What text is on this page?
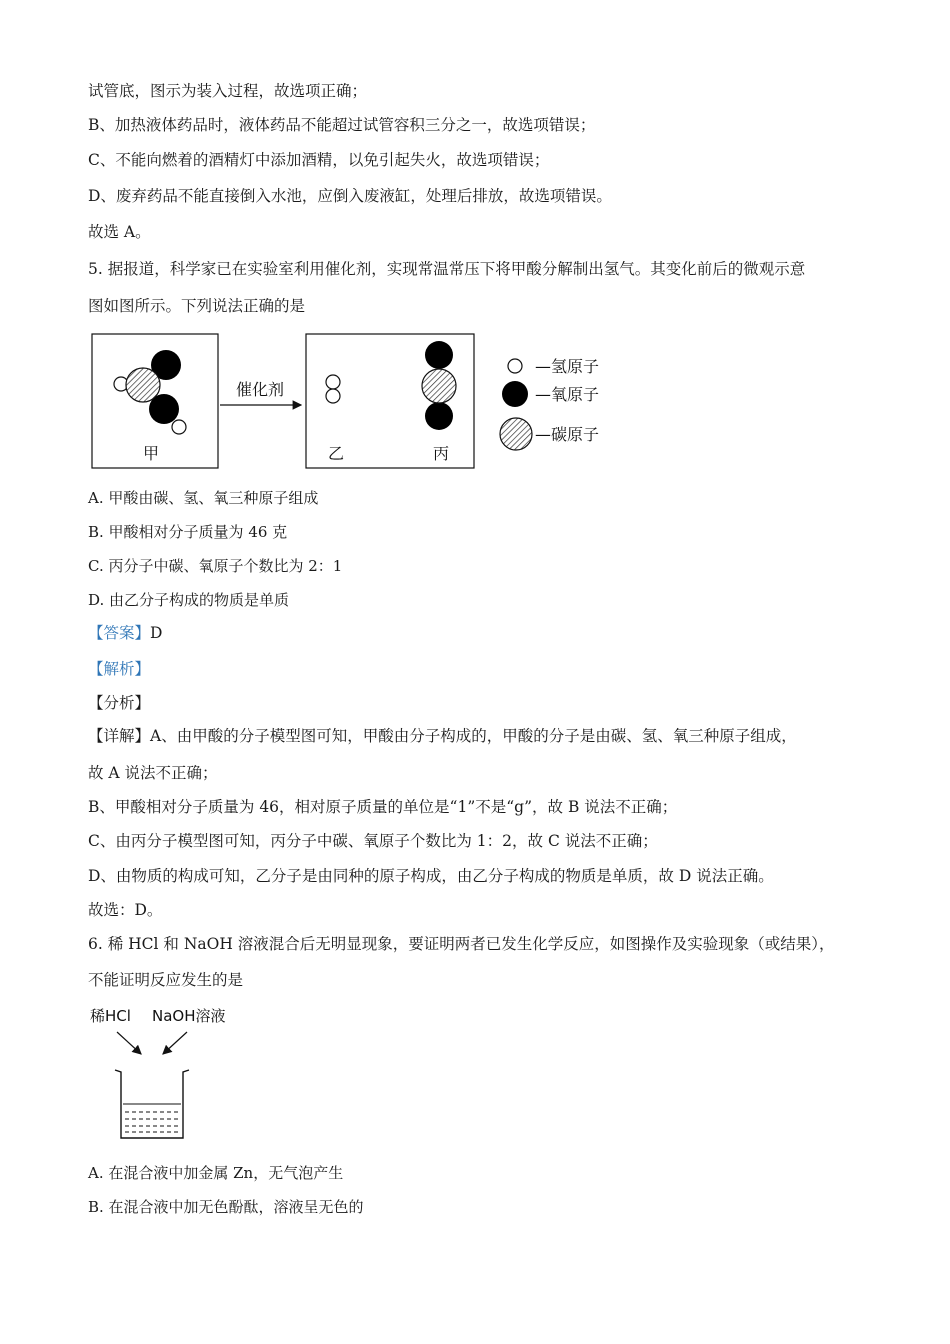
试管底，图示为装入过程，故选项正确；
B、加热液体药品时，液体药品不能超过试管容积三分之一，故选项错误；
C、不能向燃着的酒精灯中添加酒精，以免引起失火，故选项错误；
D、废弃药品不能直接倒入水池，应倒入废液缸，处理后排放，故选项错误。
故选 A。
5. 据报道，科学家已在实验室利用催化剂，实现常温常压下将甲酸分解制出氢气。其变化前后的微观示意
图如图所示。下列说法正确的是
甲
催化剂
乙	丙
—氢原子
—氧原子
—碳原子
A. 甲酸由碳、氢、氧三种原子组成
B. 甲酸相对分子质量为 46 克
C. 丙分子中碳、氧原子个数比为 2：1
D. 由乙分子构成的物质是单质
【答案】D
【解析】
【分析】
【详解】A、由甲酸的分子模型图可知，甲酸由分子构成的，甲酸的分子是由碳、氢、氧三种原子组成，
故 A 说法不正确；
B、甲酸相对分子质量为 46，相对原子质量的单位是“1”不是“g”，故 B 说法不正确；
C、由丙分子模型图可知，丙分子中碳、氧原子个数比为 1：2，故 C 说法不正确；
D、由物质的构成可知，乙分子是由同种的原子构成，由乙分子构成的物质是单质，故 D 说法正确。
故选：D。
6. 稀 HCl 和 NaOH 溶液混合后无明显现象，要证明两者已发生化学反应，如图操作及实验现象（或结果），
不能证明反应发生的是
稀HCl NaOH溶液
A. 在混合液中加金属 Zn，无气泡产生
B. 在混合液中加无色酚酞，溶液呈无色的
